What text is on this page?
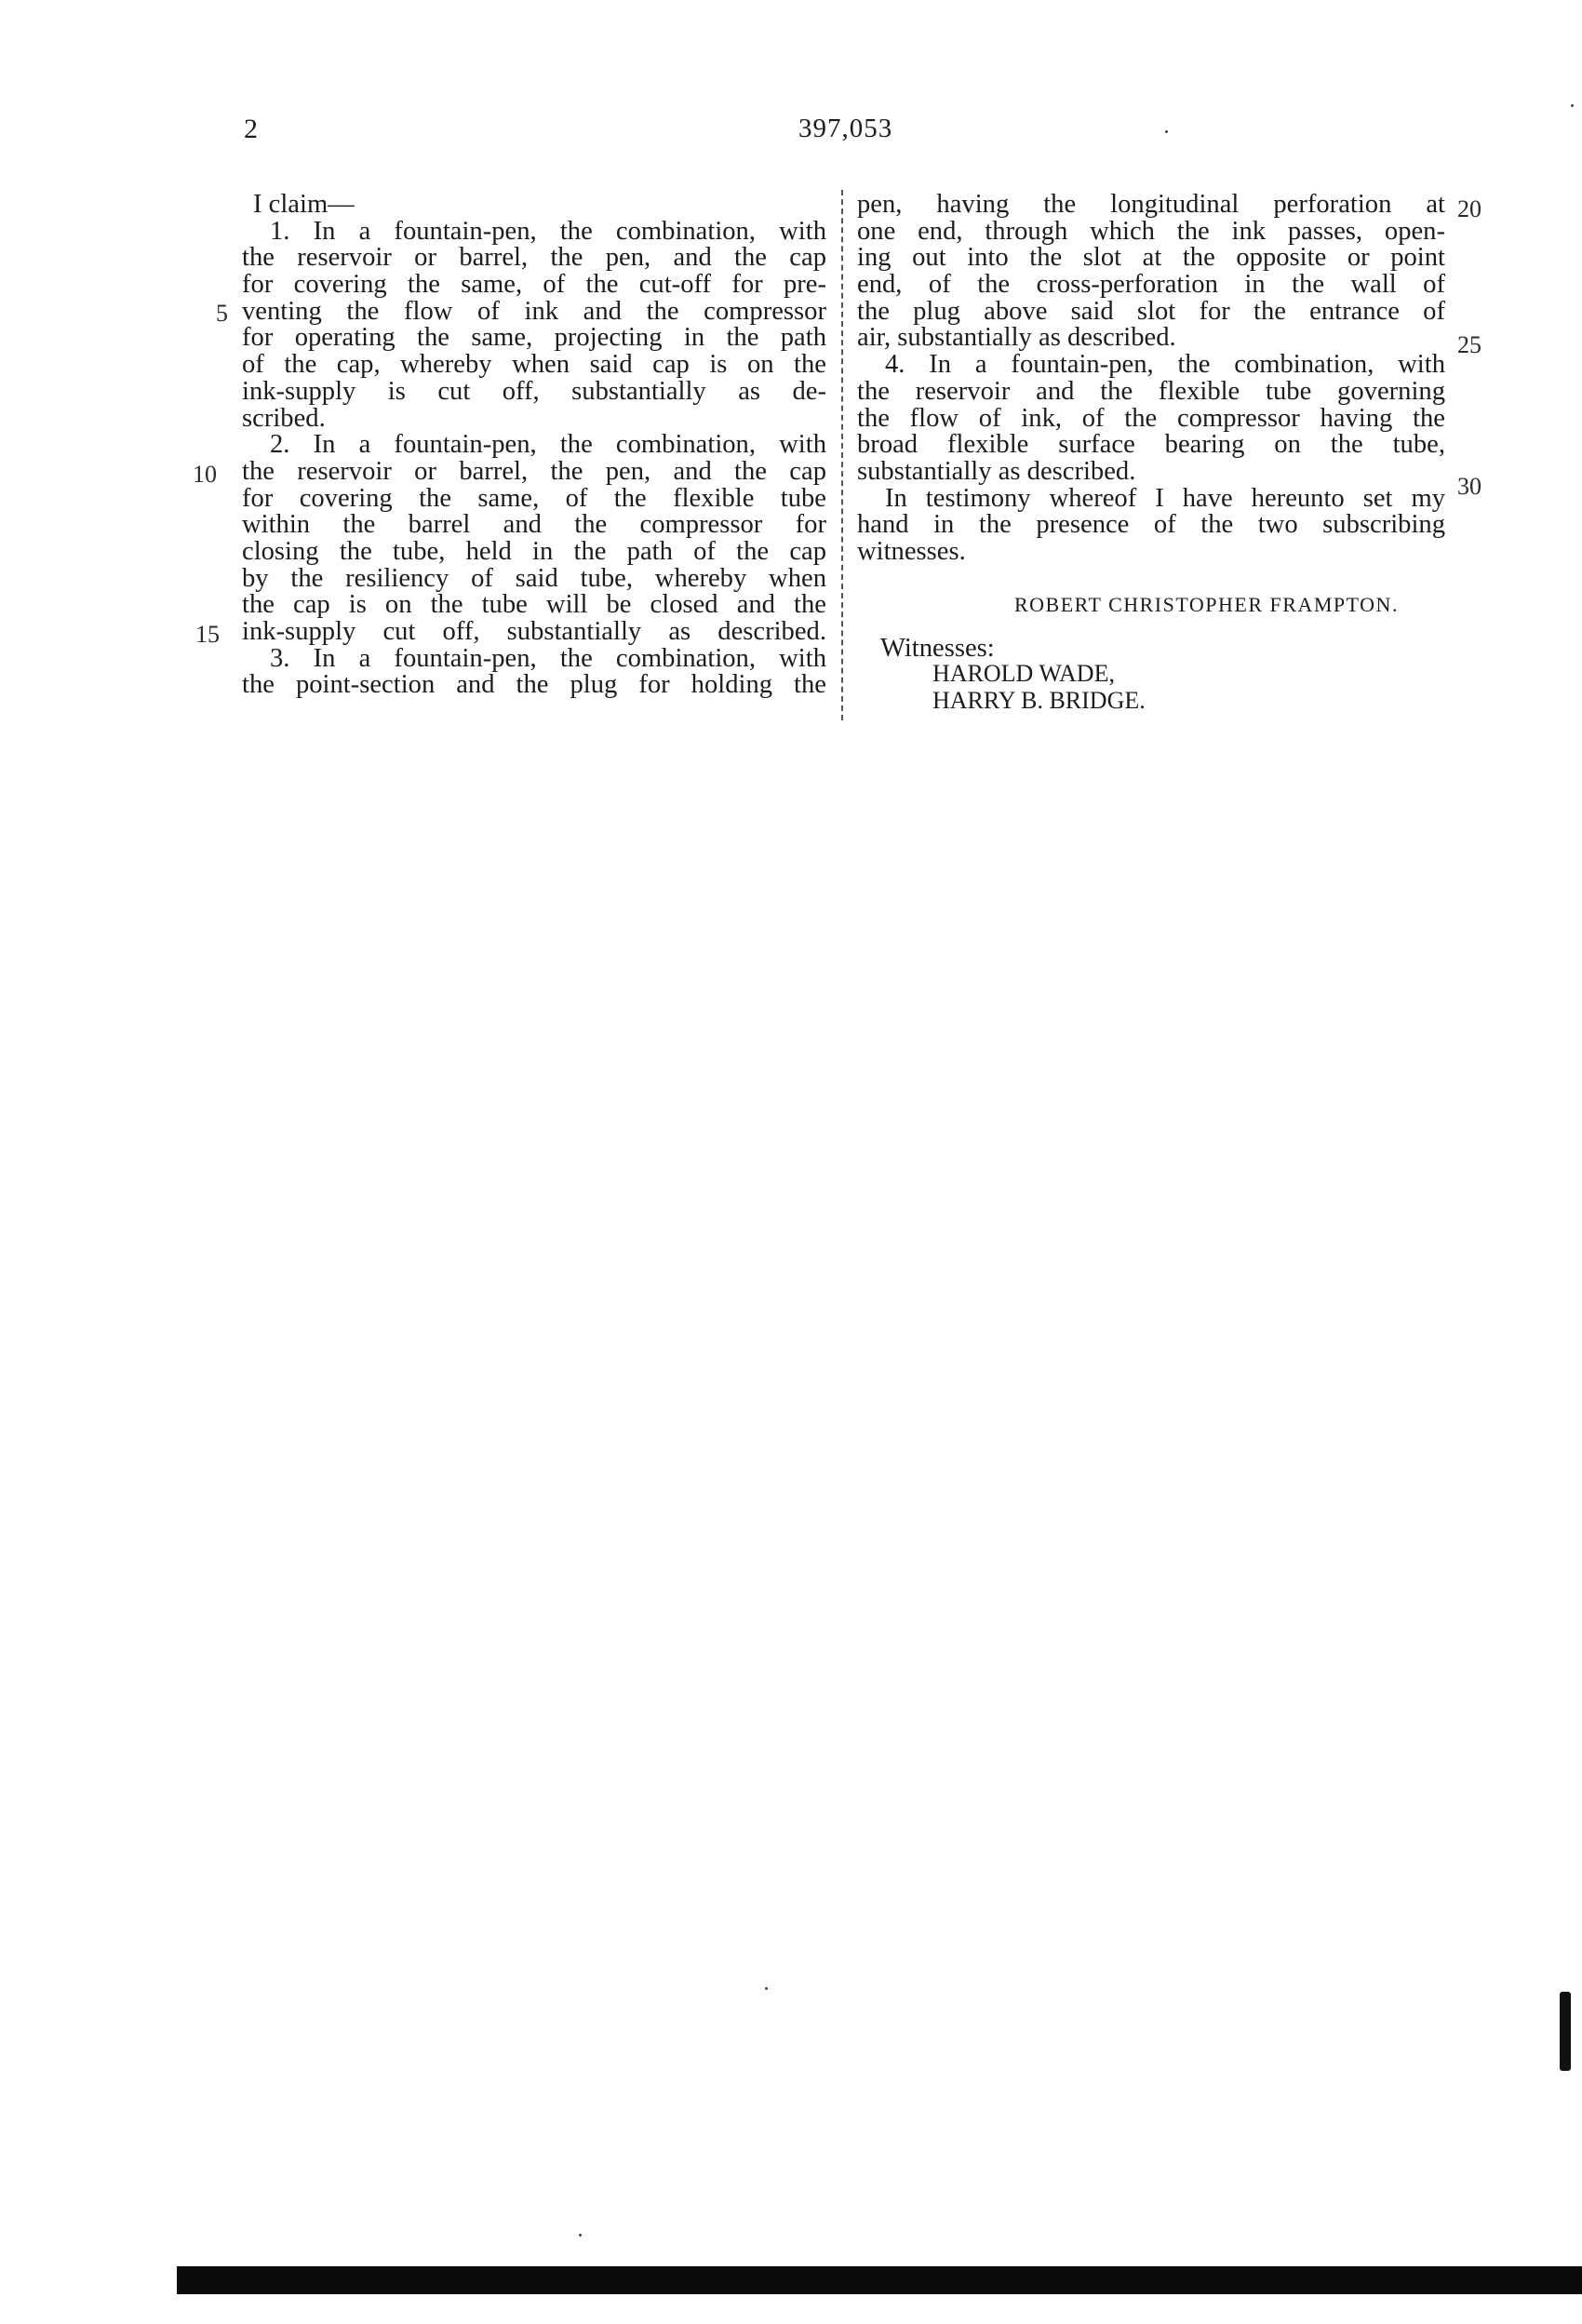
2	397,053
I claim—
1. In a fountain-pen, the combination, with
the reservoir or barrel, the pen, and the cap
for covering the same, of the cut-off for pre-
venting the flow of ink and the compressor
for operating the same, projecting in the path
of the cap, whereby when said cap is on the
ink-supply is cut off, substantially as de-
scribed.
2. In a fountain-pen, the combination, with
the reservoir or barrel, the pen, and the cap
for covering the same, of the flexible tube
within the barrel and the compressor for
closing the tube, held in the path of the cap
by the resiliency of said tube, whereby when
the cap is on the tube will be closed and the
ink-supply cut off, substantially as described.
3. In a fountain-pen, the combination, with
the point-section and the plug for holding the
pen, having the longitudinal perforation at
one end, through which the ink passes, open-
ing out into the slot at the opposite or point
end, of the cross-perforation in the wall of
the plug above said slot for the entrance of
air, substantially as described.
4. In a fountain-pen, the combination, with
the reservoir and the flexible tube governing
the flow of ink, of the compressor having the
broad flexible surface bearing on the tube,
substantially as described.
In testimony whereof I have hereunto set my
hand in the presence of the two subscribing
witnesses.
ROBERT CHRISTOPHER FRAMPTON.
Witnesses:
HAROLD WADE,
HARRY B. BRIDGE.
5
10
15
20
25
30
